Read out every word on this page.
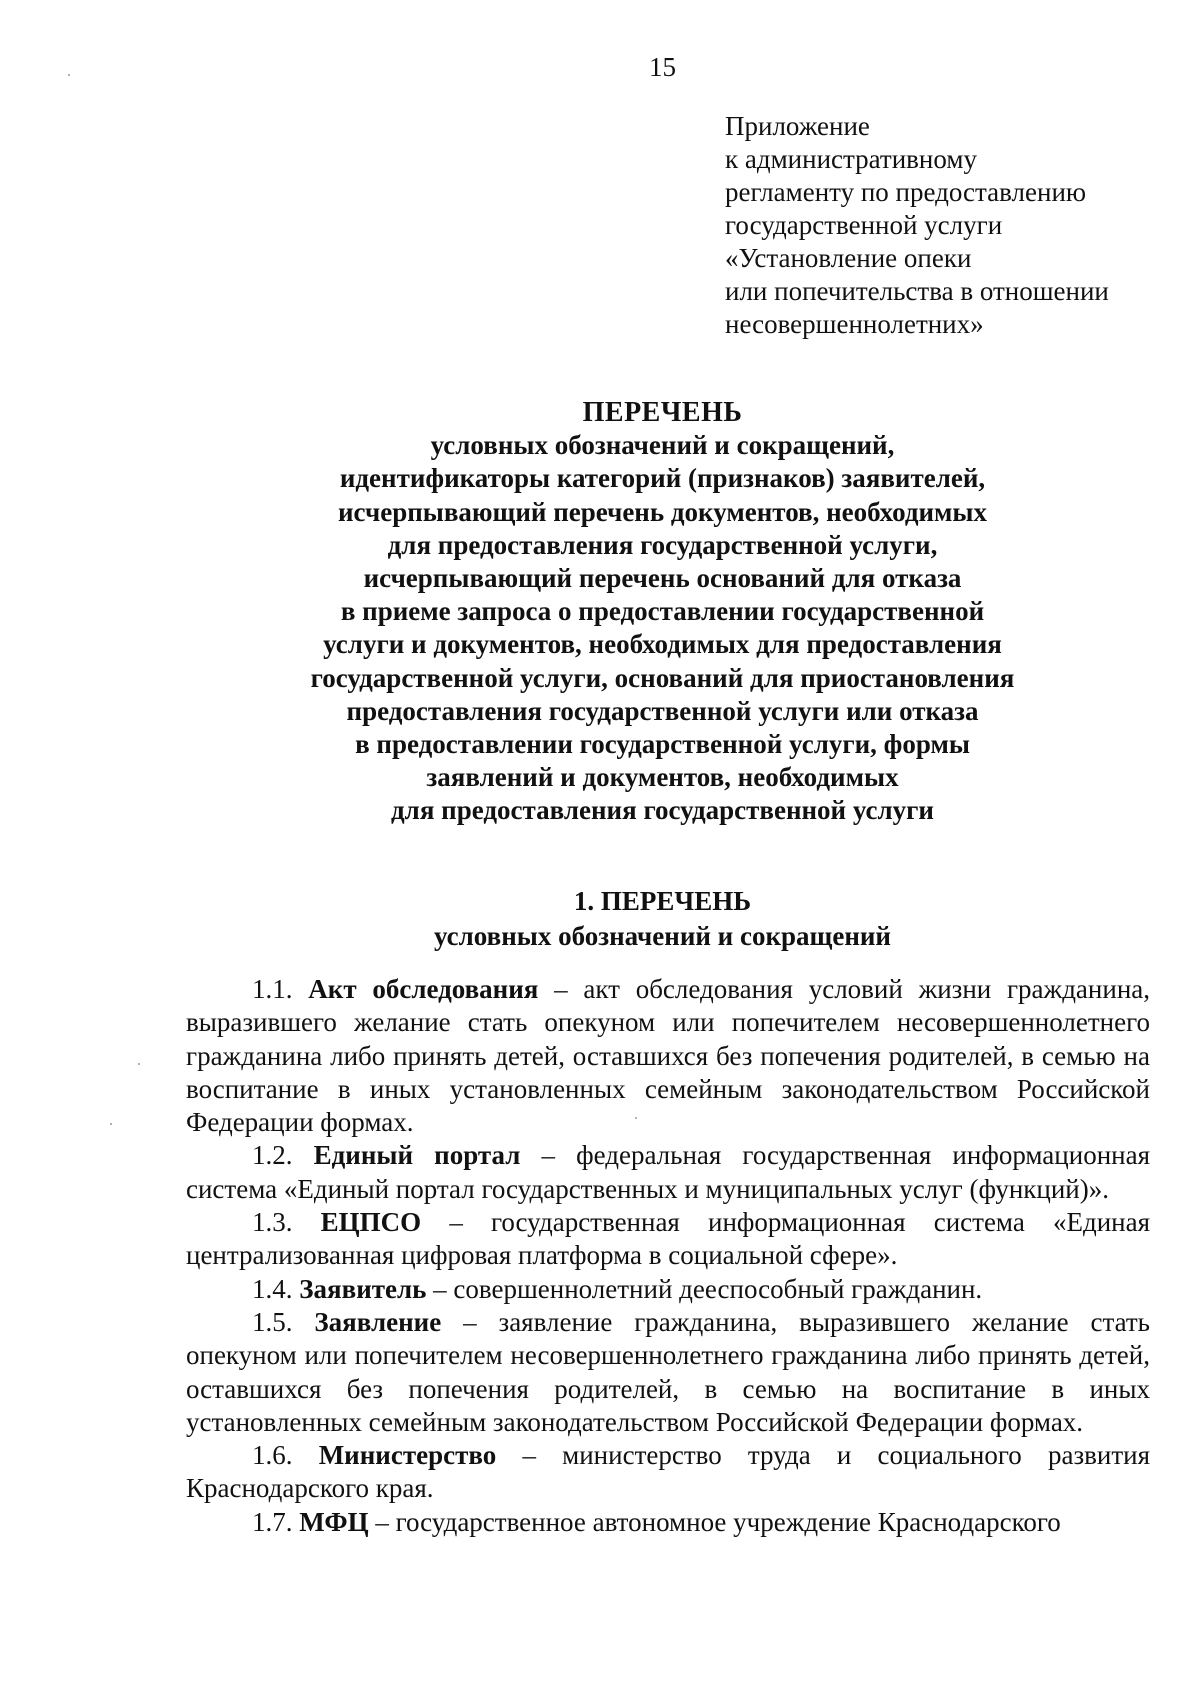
15
Приложение
к административному
регламенту по предоставлению
государственной услуги
«Установление опеки
или попечительства в отношении
несовершеннолетних»
ПЕРЕЧЕНЬ
условных обозначений и сокращений,
идентификаторы категорий (признаков) заявителей,
исчерпывающий перечень документов, необходимых
для предоставления государственной услуги,
исчерпывающий перечень оснований для отказа
в приеме запроса о предоставлении государственной
услуги и документов, необходимых для предоставления
государственной услуги, оснований для приостановления
предоставления государственной услуги или отказа
в предоставлении государственной услуги, формы
заявлений и документов, необходимых
для предоставления государственной услуги
1. ПЕРЕЧЕНЬ
условных обозначений и сокращений

1.1. Акт обследования – акт обследования условий жизни гражданина, выразившего желание стать опекуном или попечителем несовершеннолетнего гражданина либо принять детей, оставшихся без попечения родителей, в семью на воспитание в иных установленных семейным законодательством Российской Федерации формах.

1.2. Единый портал – федеральная государственная информационная система «Единый портал государственных и муниципальных услуг (функций)».

1.3. ЕЦПСО – государственная информационная система «Единая централизованная цифровая платформа в социальной сфере».

1.4. Заявитель – совершеннолетний дееспособный гражданин.

1.5. Заявление – заявление гражданина, выразившего желание стать опекуном или попечителем несовершеннолетнего гражданина либо принять детей, оставшихся без попечения родителей, в семью на воспитание в иных установленных семейным законодательством Российской Федерации формах.

1.6. Министерство – министерство труда и социального развития Краснодарского края.

1.7. МФЦ – государственное автономное учреждение Краснодарского
